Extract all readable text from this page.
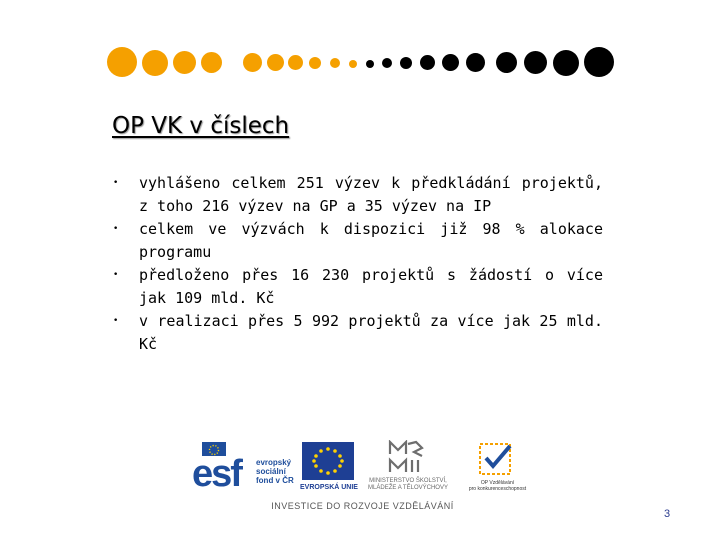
OP VK v číslech
• vyhlášeno celkem 251 výzev k předkládání projektů, z toho 216 výzev na GP a 35 výzev na IP
• celkem ve výzvách k dispozici již 98 % alokace programu
• předloženo přes 16 230 projektů s žádostí o více jak 109 mld. Kč
• v realizaci přes 5 992 projektů za více jak 25 mld. Kč
esf evropský
sociální
fond v ČR
EVROPSKÁ UNIE
MINISTERSTVO ŠKOLSTVÍ,
MLÁDEŽE A TĚLOVÝCHOVY
OP Vzdělávání
pro konkurenceschopnost
INVESTICE DO ROZVOJE VZDĚLÁVÁNÍ
3
